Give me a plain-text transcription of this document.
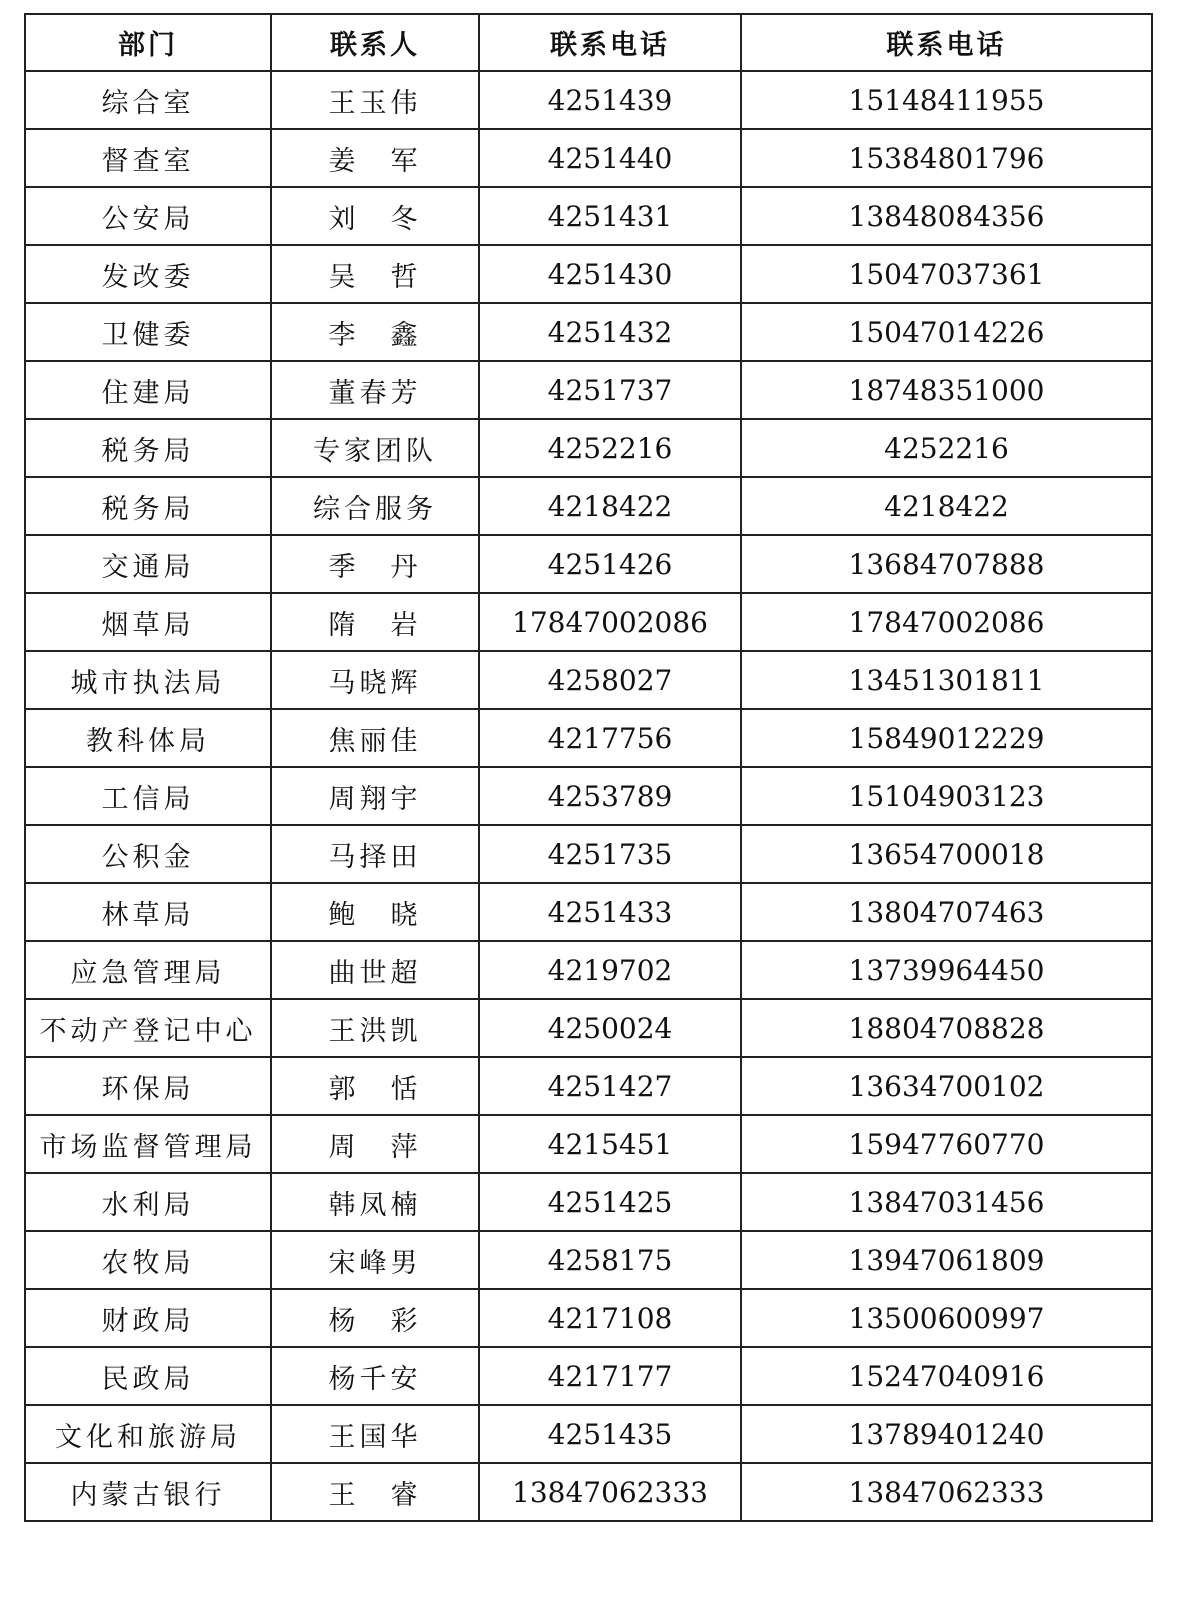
部门	联系人	联系电话	联系电话
综合室	王玉伟	4251439	15148411955
督查室	姜　军	4251440	15384801796
公安局	刘　冬	4251431	13848084356
发改委	吴　哲	4251430	15047037361
卫健委	李　鑫	4251432	15047014226
住建局	董春芳	4251737	18748351000
税务局	专家团队	4252216	4252216
税务局	综合服务	4218422	4218422
交通局	季　丹	4251426	13684707888
烟草局	隋　岩	17847002086	17847002086
城市执法局	马晓辉	4258027	13451301811
教科体局	焦丽佳	4217756	15849012229
工信局	周翔宇	4253789	15104903123
公积金	马择田	4251735	13654700018
林草局	鲍　晓	4251433	13804707463
应急管理局	曲世超	4219702	13739964450
不动产登记中心	王洪凯	4250024	18804708828
环保局	郭　恬	4251427	13634700102
市场监督管理局	周　萍	4215451	15947760770
水利局	韩凤楠	4251425	13847031456
农牧局	宋峰男	4258175	13947061809
财政局	杨　彩	4217108	13500600997
民政局	杨千安	4217177	15247040916
文化和旅游局	王国华	4251435	13789401240
内蒙古银行	王　睿	13847062333	13847062333
